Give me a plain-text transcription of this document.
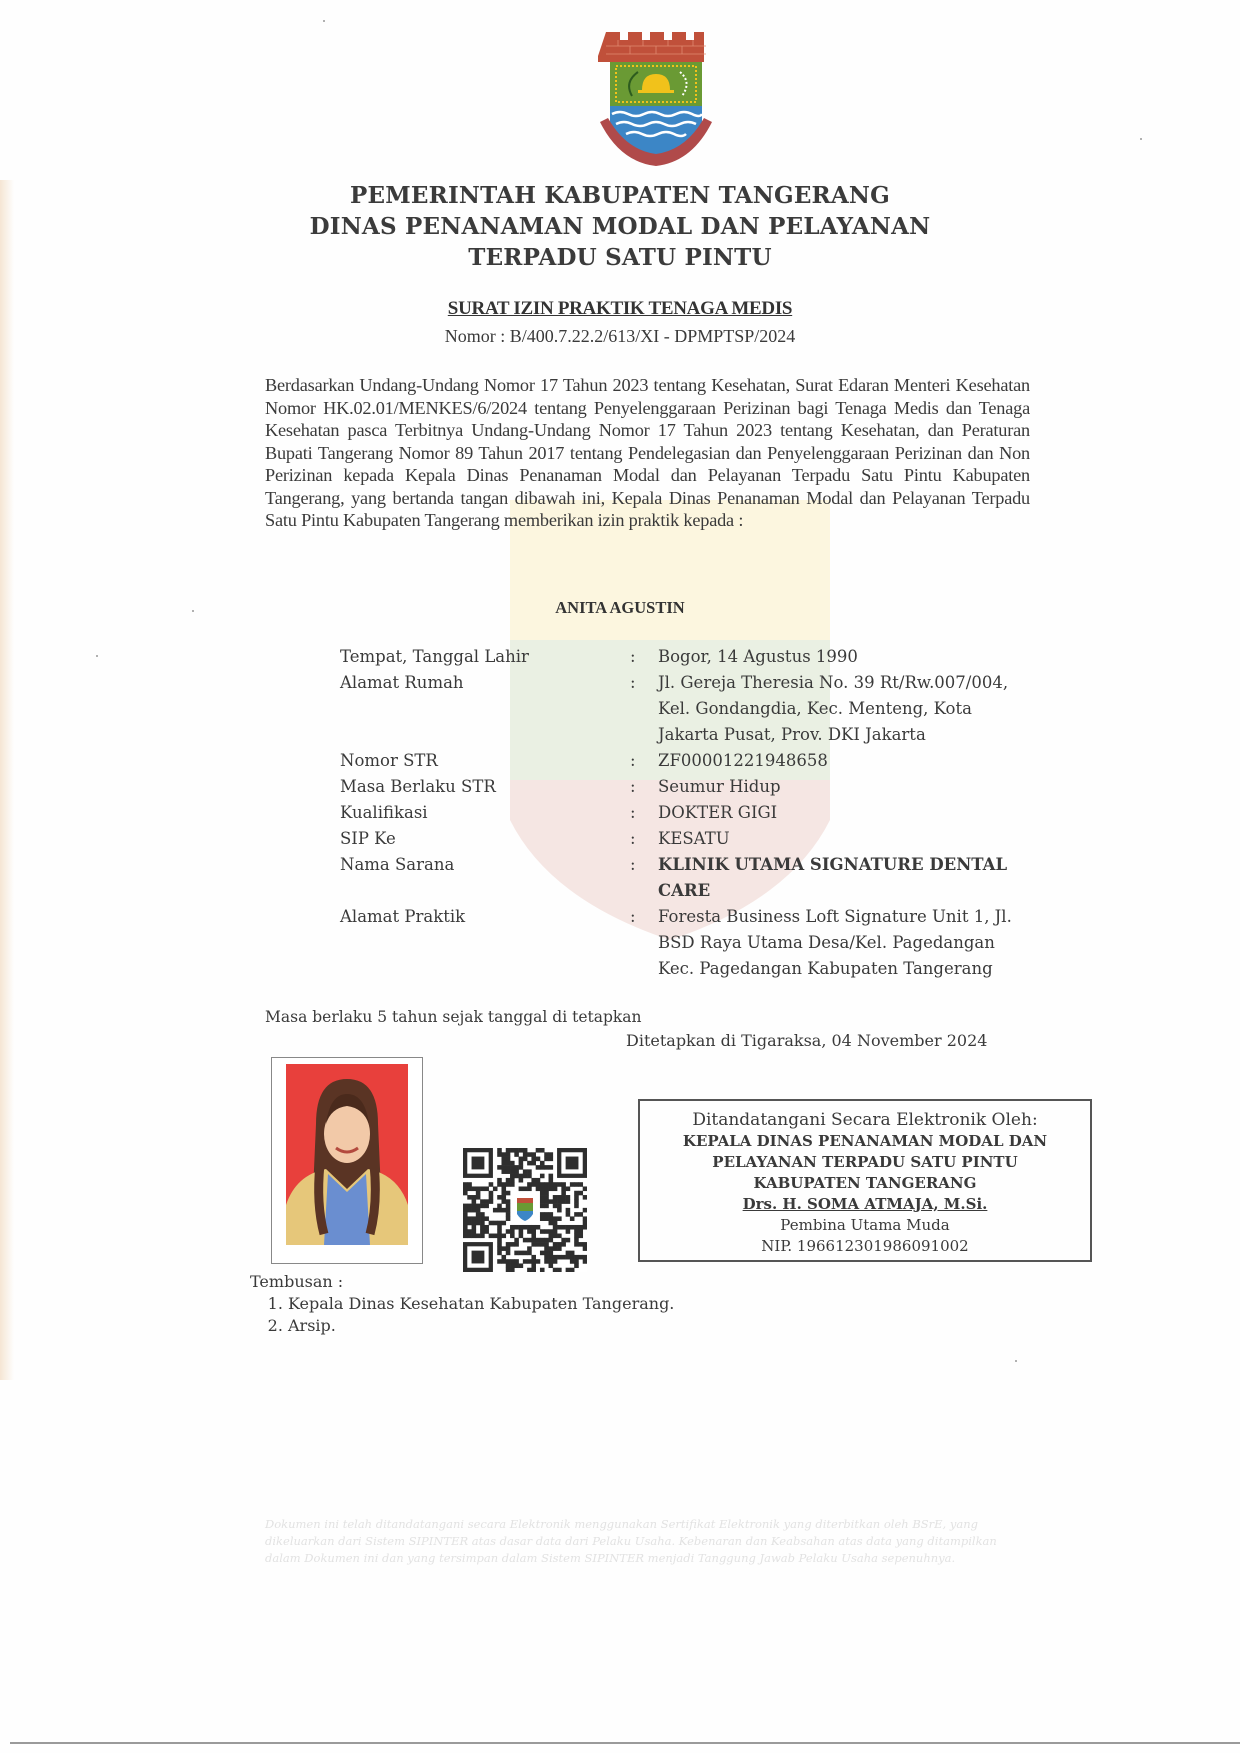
PEMERINTAH KABUPATEN TANGERANG
DINAS PENANAMAN MODAL DAN PELAYANAN
TERPADU SATU PINTU
SURAT IZIN PRAKTIK TENAGA MEDIS
Nomor : B/400.7.22.2/613/XI - DPMPTSP/2024
Berdasarkan Undang-Undang Nomor 17 Tahun 2023 tentang Kesehatan, Surat Edaran Menteri Kesehatan Nomor HK.02.01/MENKES/6/2024 tentang Penyelenggaraan Perizinan bagi Tenaga Medis dan Tenaga Kesehatan pasca Terbitnya Undang-Undang Nomor 17 Tahun 2023 tentang Kesehatan, dan Peraturan Bupati Tangerang Nomor 89 Tahun 2017 tentang Pendelegasian dan Penyelenggaraan Perizinan dan Non Perizinan kepada Kepala Dinas Penanaman Modal dan Pelayanan Terpadu Satu Pintu Kabupaten Tangerang, yang bertanda tangan dibawah ini, Kepala Dinas Penanaman Modal dan Pelayanan Terpadu Satu Pintu Kabupaten Tangerang memberikan izin praktik kepada :
ANITA AGUSTIN
Tempat, Tanggal Lahir	:	Bogor, 14 Agustus 1990
Alamat Rumah	:	Jl. Gereja Theresia No. 39 Rt/Rw.007/004,
Kel. Gondangdia, Kec. Menteng, Kota
Jakarta Pusat, Prov. DKI Jakarta
Nomor STR	:	ZF00001221948658
Masa Berlaku STR	:	Seumur Hidup
Kualifikasi	:	DOKTER GIGI
SIP Ke	:	KESATU
Nama Sarana	:	KLINIK UTAMA SIGNATURE DENTAL
CARE
Alamat Praktik	:	Foresta Business Loft Signature Unit 1, Jl.
BSD Raya Utama Desa/Kel. Pagedangan
Kec. Pagedangan Kabupaten Tangerang
Masa berlaku 5 tahun sejak tanggal di tetapkan
Ditetapkan di Tigaraksa, 04 November 2024
Ditandatangani Secara Elektronik Oleh:
KEPALA DINAS PENANAMAN MODAL DAN
PELAYANAN TERPADU SATU PINTU
KABUPATEN TANGERANG
Drs. H. SOMA ATMAJA, M.Si.
Pembina Utama Muda
NIP. 196612301986091002
Tembusan :
1. Kepala Dinas Kesehatan Kabupaten Tangerang.
2. Arsip.
Dokumen ini telah ditandatangani secara Elektronik menggunakan Sertifikat Elektronik yang diterbitkan oleh BSrE, yang dikeluarkan dari Sistem SIPINTER atas dasar data dari Pelaku Usaha. Kebenaran dan Keabsahan atas data yang ditampilkan dalam Dokumen ini dan yang tersimpan dalam Sistem SIPINTER menjadi Tanggung Jawab Pelaku Usaha sepenuhnya.
